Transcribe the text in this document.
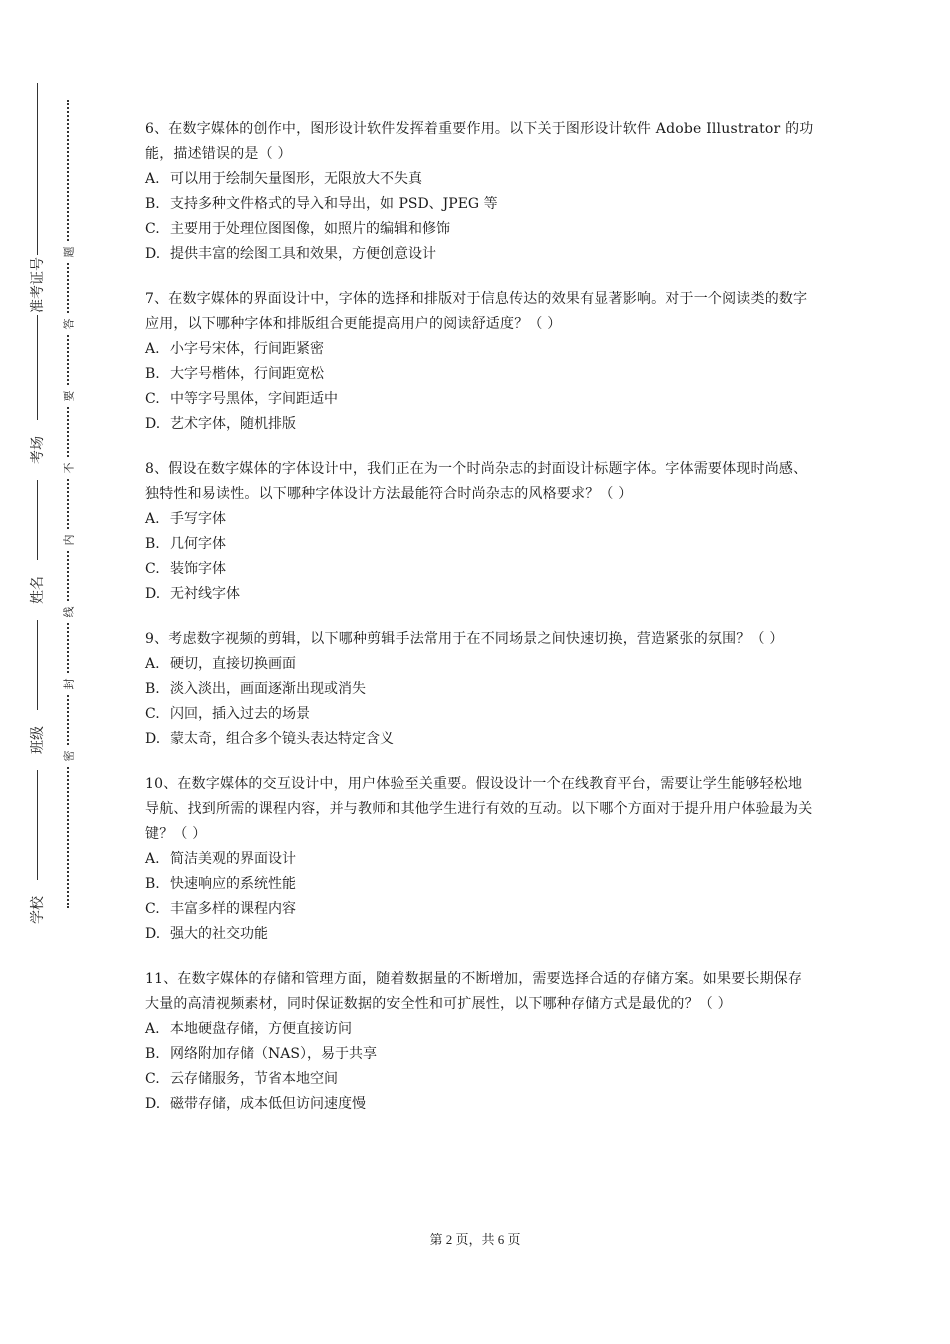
准考证号
考场
姓名
班级
学校
题
答
要
不
内
线
封
密

6、在数字媒体的创作中，图形设计软件发挥着重要作用。以下关于图形设计软件 Adobe Illustrator 的功能，描述错误的是（ ）

A. 可以用于绘制矢量图形，无限放大不失真
B. 支持多种文件格式的导入和导出，如 PSD、JPEG 等
C. 主要用于处理位图图像，如照片的编辑和修饰
D. 提供丰富的绘图工具和效果，方便创意设计

7、在数字媒体的界面设计中，字体的选择和排版对于信息传达的效果有显著影响。对于一个阅读类的数字应用，以下哪种字体和排版组合更能提高用户的阅读舒适度？（ ）

A. 小字号宋体，行间距紧密
B. 大字号楷体，行间距宽松
C. 中等字号黑体，字间距适中
D. 艺术字体，随机排版

8、假设在数字媒体的字体设计中，我们正在为一个时尚杂志的封面设计标题字体。字体需要体现时尚感、独特性和易读性。以下哪种字体设计方法最能符合时尚杂志的风格要求？（ ）

A. 手写字体
B. 几何字体
C. 装饰字体
D. 无衬线字体

9、考虑数字视频的剪辑，以下哪种剪辑手法常用于在不同场景之间快速切换，营造紧张的氛围？（ ）

A. 硬切，直接切换画面
B. 淡入淡出，画面逐渐出现或消失
C. 闪回，插入过去的场景
D. 蒙太奇，组合多个镜头表达特定含义

10、在数字媒体的交互设计中，用户体验至关重要。假设设计一个在线教育平台，需要让学生能够轻松地导航、找到所需的课程内容，并与教师和其他学生进行有效的互动。以下哪个方面对于提升用户体验最为关键？（ ）

A. 简洁美观的界面设计
B. 快速响应的系统性能
C. 丰富多样的课程内容
D. 强大的社交功能

11、在数字媒体的存储和管理方面，随着数据量的不断增加，需要选择合适的存储方案。如果要长期保存大量的高清视频素材，同时保证数据的安全性和可扩展性，以下哪种存储方式是最优的？（ ）

A. 本地硬盘存储，方便直接访问
B. 网络附加存储（NAS），易于共享
C. 云存储服务，节省本地空间
D. 磁带存储，成本低但访问速度慢
第 2 页，共 6 页
